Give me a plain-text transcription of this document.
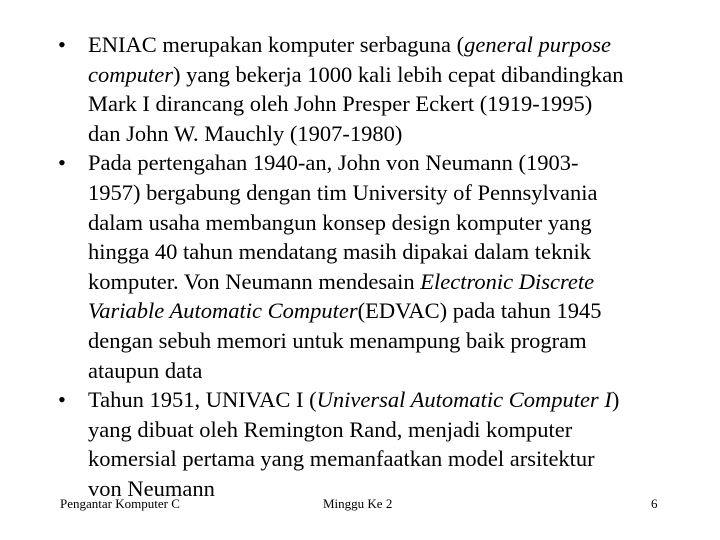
• ENIAC merupakan komputer serbaguna (general purpose
computer) yang bekerja 1000 kali lebih cepat dibandingkan
Mark I dirancang oleh John Presper Eckert (1919-1995)
dan John W. Mauchly (1907-1980)
• Pada pertengahan 1940-an, John von Neumann (1903-
1957) bergabung dengan tim University of Pennsylvania
dalam usaha membangun konsep design komputer yang
hingga 40 tahun mendatang masih dipakai dalam teknik
komputer. Von Neumann mendesain Electronic Discrete
Variable Automatic Computer(EDVAC) pada tahun 1945
dengan sebuh memori untuk menampung baik program
ataupun data
• Tahun 1951, UNIVAC I (Universal Automatic Computer I)
yang dibuat oleh Remington Rand, menjadi komputer
komersial pertama yang memanfaatkan model arsitektur
von Neumann
Pengantar Komputer C	Minggu Ke 2	6
